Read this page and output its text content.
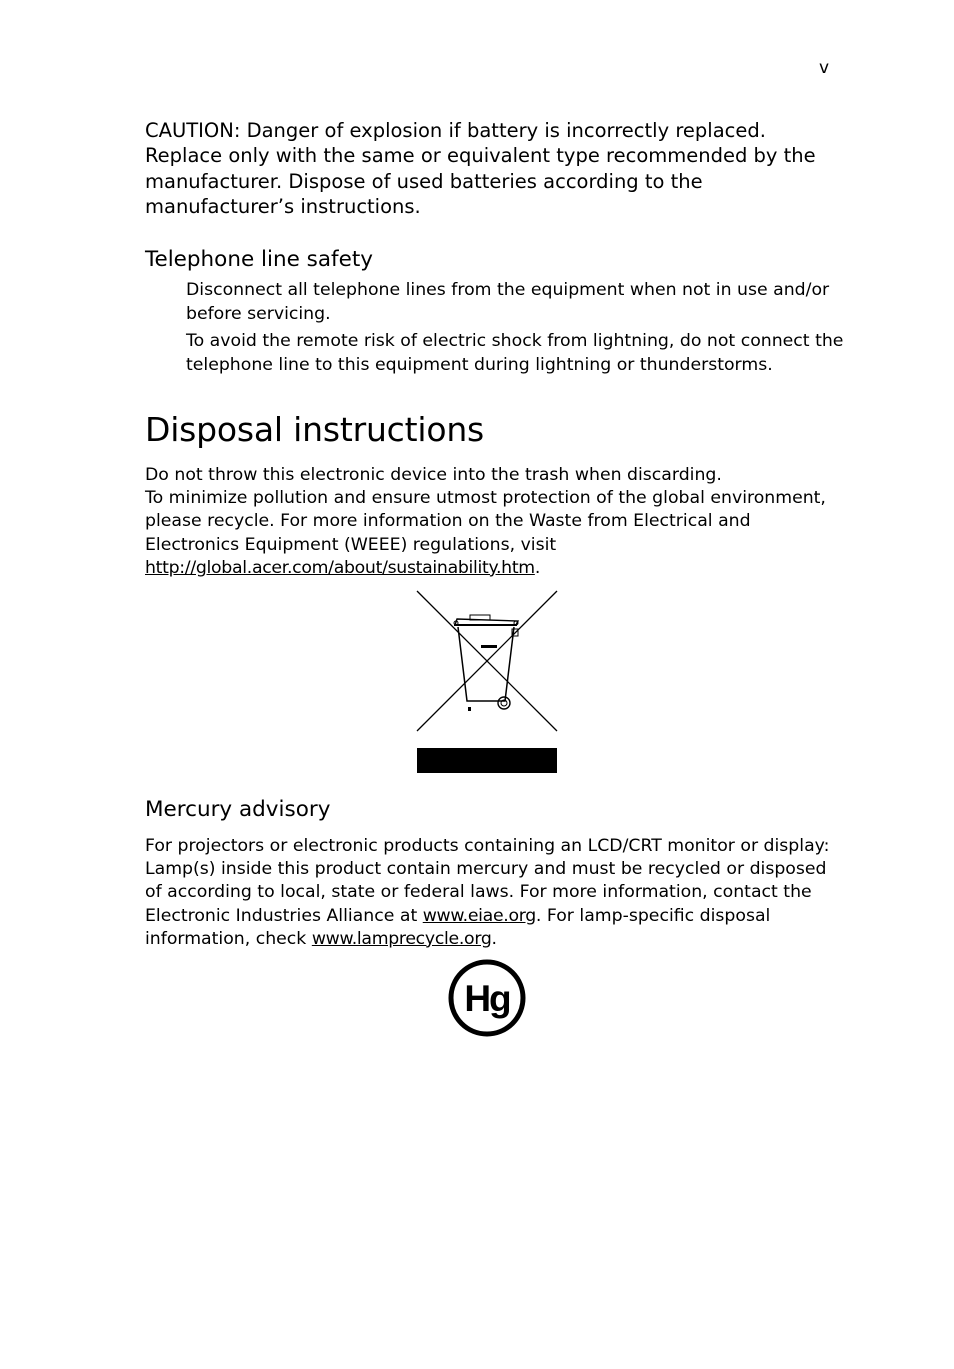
v

CAUTION: Danger of explosion if battery is incorrectly replaced. Replace only with the same or equivalent type recommended by the manufacturer. Dispose of used batteries according to the manufacturer’s instructions.

Telephone line safety

Disconnect all telephone lines from the equipment when not in use and/or before servicing.

To avoid the remote risk of electric shock from lightning, do not connect the telephone line to this equipment during lightning or thunderstorms.

Disposal instructions

Do not throw this electronic device into the trash when discarding.
To minimize pollution and ensure utmost protection of the global environment, please recycle. For more information on the Waste from Electrical and Electronics Equipment (WEEE) regulations, visit
http://global.acer.com/about/sustainability.htm.

Mercury advisory

For projectors or electronic products containing an LCD/CRT monitor or display: Lamp(s) inside this product contain mercury and must be recycled or disposed of according to local, state or federal laws. For more information, contact the Electronic Industries Alliance at www.eiae.org. For lamp-specific disposal information, check www.lamprecycle.org.

Hg
